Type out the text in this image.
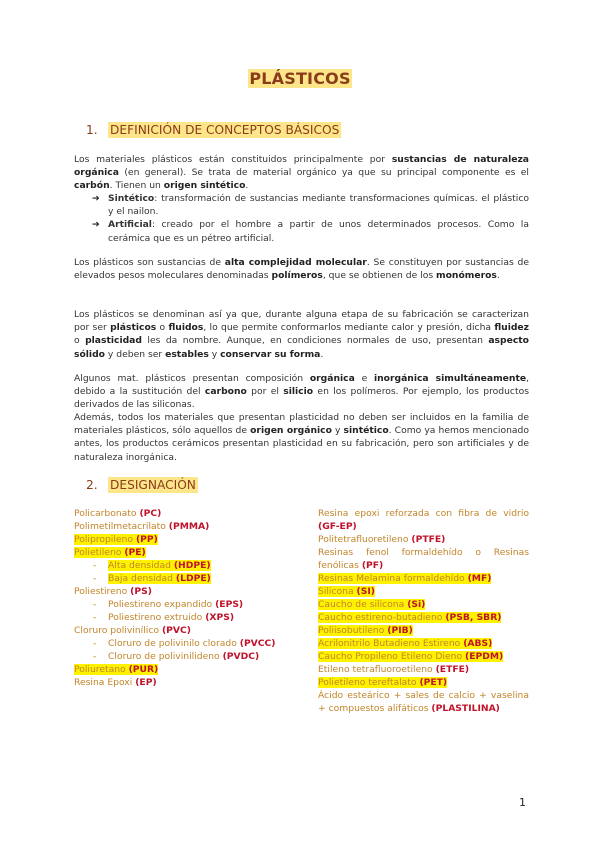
PLÁSTICOS
1. DEFINICIÓN DE CONCEPTOS BÁSICOS
Los materiales plásticos están constituidos principalmente por sustancias de naturaleza orgánica (en general). Se trata de material orgánico ya que su principal componente es el carbón. Tienen un origen sintético.
➔ Sintético: transformación de sustancias mediante transformaciones químicas. el plástico y el nailon.
➔ Artificial: creado por el hombre a partir de unos determinados procesos. Como la cerámica que es un pétreo artificial.
Los plásticos son sustancias de alta complejidad molecular. Se constituyen por sustancias de elevados pesos moleculares denominadas polímeros, que se obtienen de los monómeros.
Los plásticos se denominan así ya que, durante alguna etapa de su fabricación se caracterizan por ser plásticos o fluidos, lo que permite conformarlos mediante calor y presión, dicha fluidez o plasticidad les da nombre. Aunque, en condiciones normales de uso, presentan aspecto sólido y deben ser estables y conservar su forma.
Algunos mat. plásticos presentan composición orgánica e inorgánica simultáneamente, debido a la sustitución del carbono por el silicio en los polímeros. Por ejemplo, los productos derivados de las siliconas.
Además, todos los materiales que presentan plasticidad no deben ser incluidos en la familia de materiales plásticos, sólo aquellos de origen orgánico y sintético. Como ya hemos mencionado antes, los productos cerámicos presentan plasticidad en su fabricación, pero son artificiales y de naturaleza inorgánica.
2. DESIGNACIÓN
Policarbonato (PC)
Polimetilmetacrilato (PMMA)
Polipropileno (PP)
Polietileno (PE)
- Alta densidad (HDPE)
- Baja densidad (LDPE)
Poliestireno (PS)
- Poliestireno expandido (EPS)
- Poliestireno extruido (XPS)
Cloruro polivinílico (PVC)
- Cloruro de polivinilo clorado (PVCC)
- Cloruro de polivinilideno (PVDC)
Poliuretano (PUR)
Resina Epoxi (EP)
Resina epoxi reforzada con fibra de vidrio (GF-EP)
Politetrafluoretileno (PTFE)
Resinas fenol formaldehído o Resinas fenólicas (PF)
Resinas Melamina formaldehído (MF)
Silicona (SI)
Caucho de silicona (Si)
Caucho estireno-butadieno (PSB, SBR)
Poliisobutileno (PIB)
Acrilonitrilo Butadieno Estireno (ABS)
Caucho Propileno Etileno Dieno (EPDM)
Etileno tetrafluoroetileno (ETFE)
Polietileno tereftalato (PET)
Ácido esteárico + sales de calcio + vaselina + compuestos alifáticos (PLASTILINA)
1
